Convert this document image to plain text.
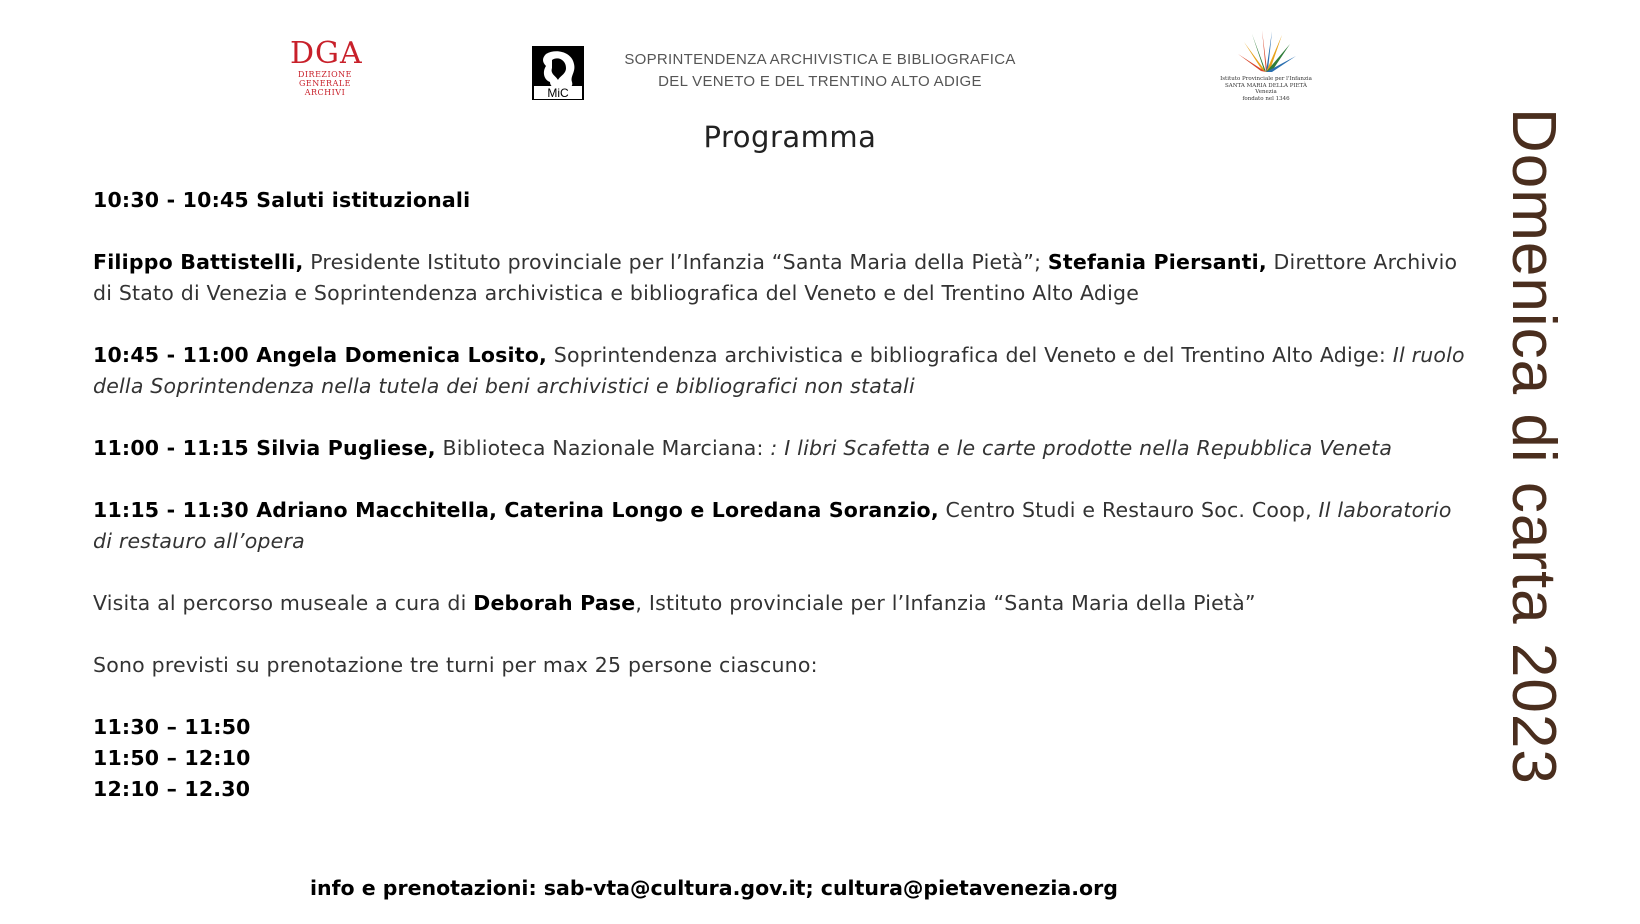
DGA
DIREZIONE
GENERALE
ARCHIVI	MiC
SOPRINTENDENZA ARCHIVISTICA E BIBLIOGRAFICA
DEL VENETO E DEL TRENTINO ALTO ADIGE	Istituto Provinciale per l'Infanzia
SANTA MARIA DELLA PIETÀ
Venezia
fondato nel 1346
Programma

10:30 - 10:45 Saluti istituzionali

Filippo Battistelli, Presidente Istituto provinciale per l’Infanzia “Santa Maria della Pietà”; Stefania Piersanti, Direttore Archivio di Stato di Venezia e Soprintendenza archivistica e bibliografica del Veneto e del Trentino Alto Adige

10:45 - 11:00 Angela Domenica Losito, Soprintendenza archivistica e bibliografica del Veneto e del Trentino Alto Adige: Il ruolo della Soprintendenza nella tutela dei beni archivistici e bibliografici non statali

11:00 - 11:15 Silvia Pugliese, Biblioteca Nazionale Marciana: : I libri Scafetta e le carte prodotte nella Repubblica Veneta

11:15 - 11:30 Adriano Macchitella, Caterina Longo e Loredana Soranzio, Centro Studi e Restauro Soc. Coop, Il laboratorio di restauro all’opera

Visita al percorso museale a cura di Deborah Pase, Istituto provinciale per l’Infanzia “Santa Maria della Pietà”

Sono previsti su prenotazione tre turni per max 25 persone ciascuno:

11:30 – 11:50

11:50 – 12:10

12:10 – 12.30

info e prenotazioni: sab-vta@cultura.gov.it; cultura@pietavenezia.org

Domenica di carta 2023
